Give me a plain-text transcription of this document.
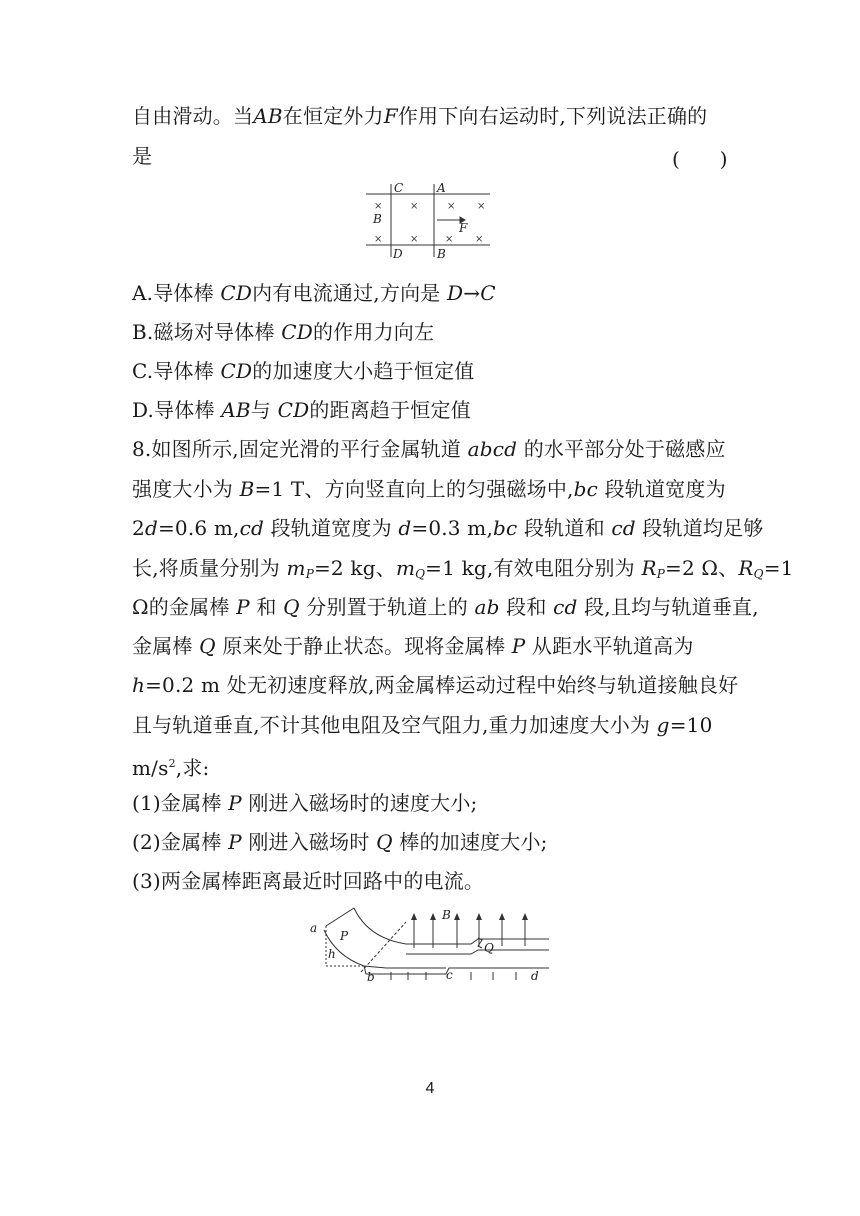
自由滑动。当AB在恒定外力F作用下向右运动时,下列说法正确的
是	(　　)
×	×	× ×
×	×	× ×
C	A
B
F
D	B
A.导体棒 CD内有电流通过,方向是 D→C
B.磁场对导体棒 CD的作用力向左
C.导体棒 CD的加速度大小趋于恒定值
D.导体棒 AB与 CD的距离趋于恒定值
8.如图所示,固定光滑的平行金属轨道 abcd 的水平部分处于磁感应
强度大小为 B=1 T、方向竖直向上的匀强磁场中,bc 段轨道宽度为
2d=0.6 m,cd 段轨道宽度为 d=0.3 m,bc 段轨道和 cd 段轨道均足够
长,将质量分别为 $m_P=2$ kg、$m_Q=1$ kg,有效电阻分别为 $R_P=2$ Ω、$R_Q=1$
Ω的金属棒 P 和 Q 分别置于轨道上的 ab 段和 cd 段,且均与轨道垂直,
金属棒 Q 原来处于静止状态。现将金属棒 P 从距水平轨道高为
h=0.2 m 处无初速度释放,两金属棒运动过程中始终与轨道接触良好
且与轨道垂直,不计其他电阻及空气阻力,重力加速度大小为 g=10
$m/s^2$,求:
(1)金属棒 P 刚进入磁场时的速度大小;
(2)金属棒 P 刚进入磁场时 Q 棒的加速度大小;
(3)两金属棒距离最近时回路中的电流。
a
P
h
b
B
Q
c	d
4
